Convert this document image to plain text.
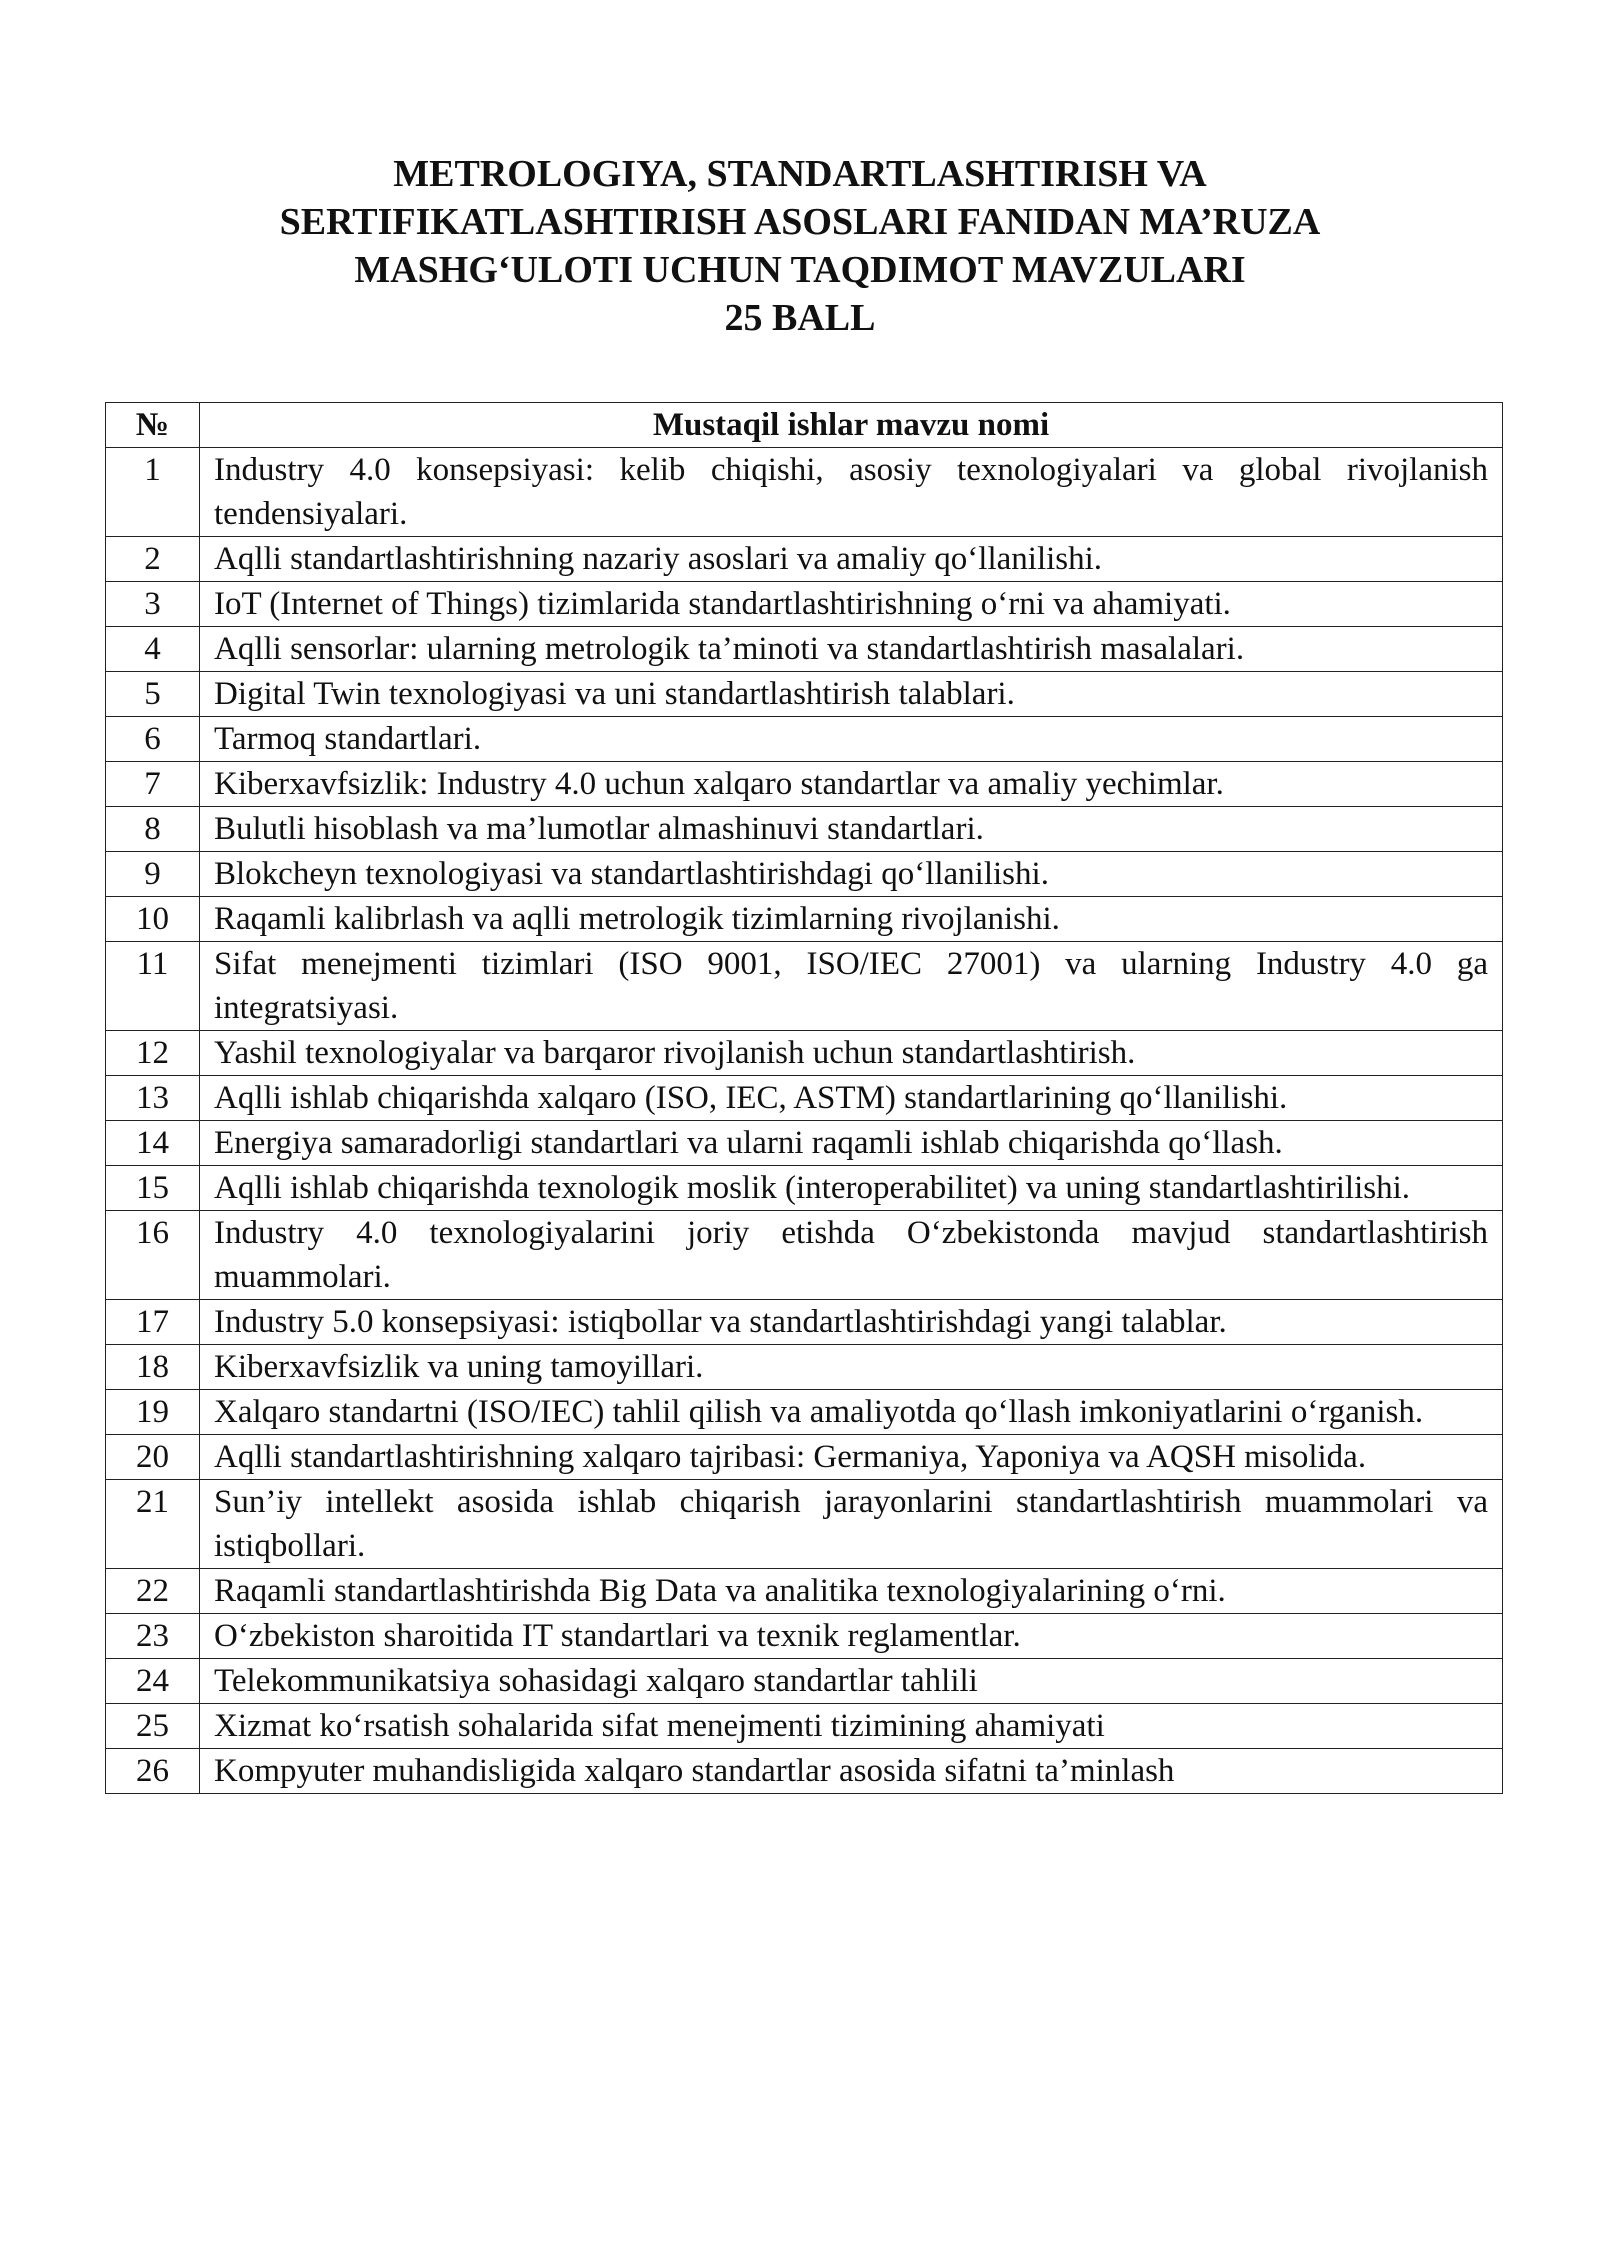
METROLOGIYA, STANDARTLASHTIRISH VA
SERTIFIKATLASHTIRISH ASOSLARI FANIDAN MA’RUZA
MASHG‘ULOTI UCHUN TAQDIMOT MAVZULARI
25 BALL
№	Mustaqil ishlar mavzu nomi
1	Industry 4.0 konsepsiyasi: kelib chiqishi, asosiy texnologiyalari va global rivojlanish tendensiyalari.
2	Aqlli standartlashtirishning nazariy asoslari va amaliy qo‘llanilishi.
3	IoT (Internet of Things) tizimlarida standartlashtirishning o‘rni va ahamiyati.
4	Aqlli sensorlar: ularning metrologik ta’minoti va standartlashtirish masalalari.
5	Digital Twin texnologiyasi va uni standartlashtirish talablari.
6	Tarmoq standartlari.
7	Kiberxavfsizlik: Industry 4.0 uchun xalqaro standartlar va amaliy yechimlar.
8	Bulutli hisoblash va ma’lumotlar almashinuvi standartlari.
9	Blokcheyn texnologiyasi va standartlashtirishdagi qo‘llanilishi.
10	Raqamli kalibrlash va aqlli metrologik tizimlarning rivojlanishi.
11	Sifat menejmenti tizimlari (ISO 9001, ISO/IEC 27001) va ularning Industry 4.0 ga integratsiyasi.
12	Yashil texnologiyalar va barqaror rivojlanish uchun standartlashtirish.
13	Aqlli ishlab chiqarishda xalqaro (ISO, IEC, ASTM) standartlarining qo‘llanilishi.
14	Energiya samaradorligi standartlari va ularni raqamli ishlab chiqarishda qo‘llash.
15	Aqlli ishlab chiqarishda texnologik moslik (interoperabilitet) va uning standartlashtirilishi.
16	Industry 4.0 texnologiyalarini joriy etishda O‘zbekistonda mavjud standartlashtirish muammolari.
17	Industry 5.0 konsepsiyasi: istiqbollar va standartlashtirishdagi yangi talablar.
18	Kiberxavfsizlik va uning tamoyillari.
19	Xalqaro standartni (ISO/IEC) tahlil qilish va amaliyotda qo‘llash imkoniyatlarini o‘rganish.
20	Aqlli standartlashtirishning xalqaro tajribasi: Germaniya, Yaponiya va AQSH misolida.
21	Sun’iy intellekt asosida ishlab chiqarish jarayonlarini standartlashtirish muammolari va istiqbollari.
22	Raqamli standartlashtirishda Big Data va analitika texnologiyalarining o‘rni.
23	O‘zbekiston sharoitida IT standartlari va texnik reglamentlar.
24	Telekommunikatsiya sohasidagi xalqaro standartlar tahlili
25	Xizmat ko‘rsatish sohalarida sifat menejmenti tizimining ahamiyati
26	Kompyuter muhandisligida xalqaro standartlar asosida sifatni ta’minlash
